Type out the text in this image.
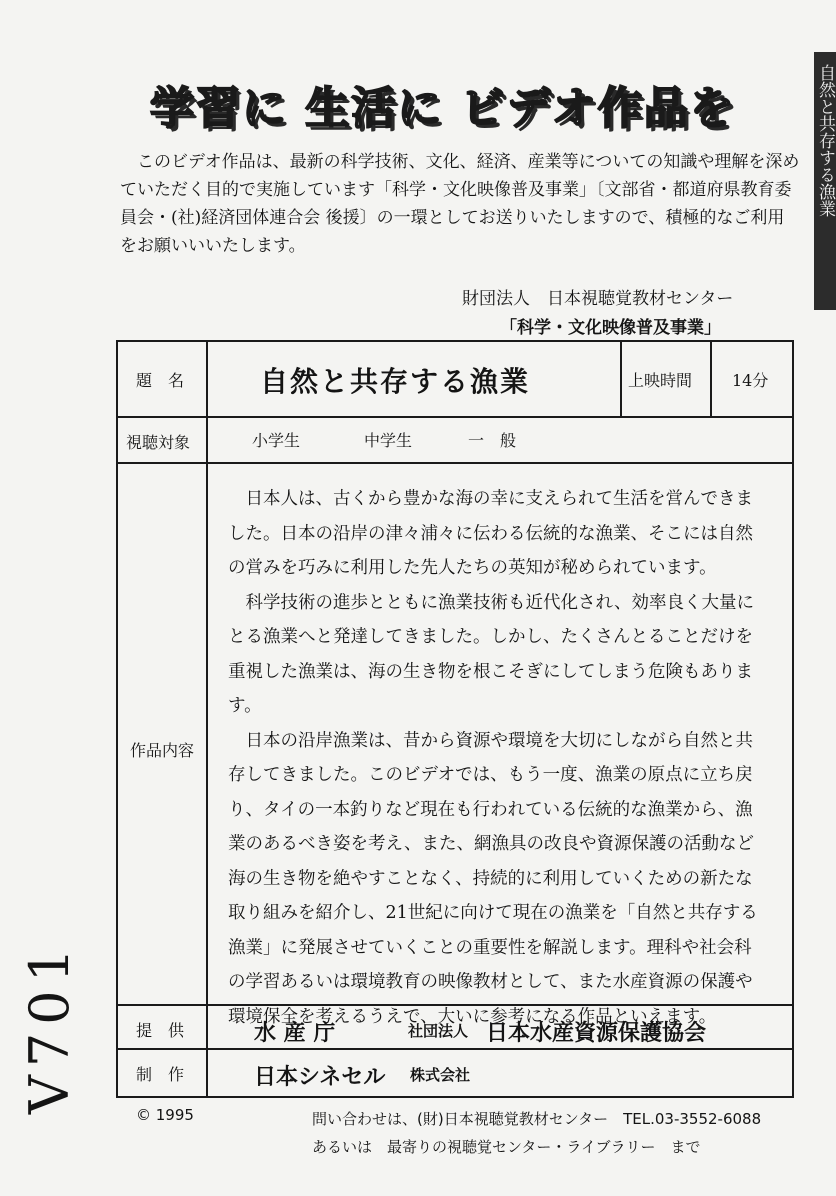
学習に 生活に ビデオ作品を
このビデオ作品は、最新の科学技術、文化、経済、産業等についての知識や理解を深めていただく目的で実施しています「科学・文化映像普及事業」〔文部省・都道府県教育委員会・(社)経済団体連合会 後援〕の一環としてお送りいたしますので、積極的なご利用をお願いいいたします。
財団法人　日本視聴覚教材センター
「科学・文化映像普及事業」
自然と共存する漁業
V701
題　名	自然と共存する漁業	上映時間 14分
視聴対象	小学生	中学生	一　般
作品内容

日本人は、古くから豊かな海の幸に支えられて生活を営んできました。日本の沿岸の津々浦々に伝わる伝統的な漁業、そこには自然の営みを巧みに利用した先人たちの英知が秘められています。

科学技術の進歩とともに漁業技術も近代化され、効率良く大量にとる漁業へと発達してきました。しかし、たくさんとることだけを重視した漁業は、海の生き物を根こそぎにしてしまう危険もあります。

日本の沿岸漁業は、昔から資源や環境を大切にしながら自然と共存してきました。このビデオでは、もう一度、漁業の原点に立ち戻り、タイの一本釣りなど現在も行われている伝統的な漁業から、漁業のあるべき姿を考え、また、網漁具の改良や資源保護の活動など海の生き物を絶やすことなく、持続的に利用していくための新たな取り組みを紹介し、21世紀に向けて現在の漁業を「自然と共存する漁業」に発展させていくことの重要性を解説します。理科や社会科の学習あるいは環境教育の映像教材として、また水産資源の保護や環境保全を考えるうえで、大いに参考になる作品といえます。

提　供	水 産 庁	社団法人 日本水産資源保護協会
制　作	日本シネセル 株式会社
© 1995	問い合わせは、(財)日本視聴覚教材センター　TEL.03-3552-6088
あるいは　最寄りの視聴覚センター・ライブラリー　まで
